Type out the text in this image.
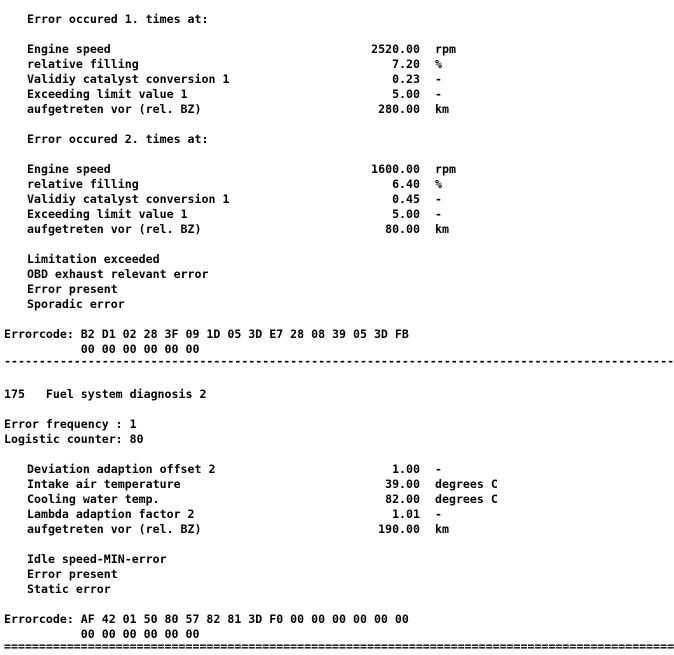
Error occured 1. times at:
Engine speed	2520.00 rpm
relative filling	7.20 %
Validiy catalyst conversion 1	0.23 -
Exceeding limit value 1	5.00 -
aufgetreten vor (rel. BZ)	280.00 km
Error occured 2. times at:
Engine speed	1600.00 rpm
relative filling	6.40 %
Validiy catalyst conversion 1	0.45 -
Exceeding limit value 1	5.00 -
aufgetreten vor (rel. BZ)	80.00 km
Limitation exceeded
OBD exhaust relevant error
Error present
Sporadic error
Errorcode: B2 D1 02 28 3F 09 1D 05 3D E7 28 08 39 05 3D FB
00 00 00 00 00 00
------------------------------------------------------------------------------------------------
175   Fuel system diagnosis 2
Error frequency : 1
Logistic counter: 80
Deviation adaption offset 2	1.00 -
Intake air temperature	39.00 degrees C
Cooling water temp.	82.00 degrees C
Lambda adaption factor 2	1.01 -
aufgetreten vor (rel. BZ)	190.00 km
Idle speed-MIN-error
Error present
Static error
Errorcode: AF 42 01 50 80 57 82 81 3D F0 00 00 00 00 00 00
00 00 00 00 00 00
================================================================================================
